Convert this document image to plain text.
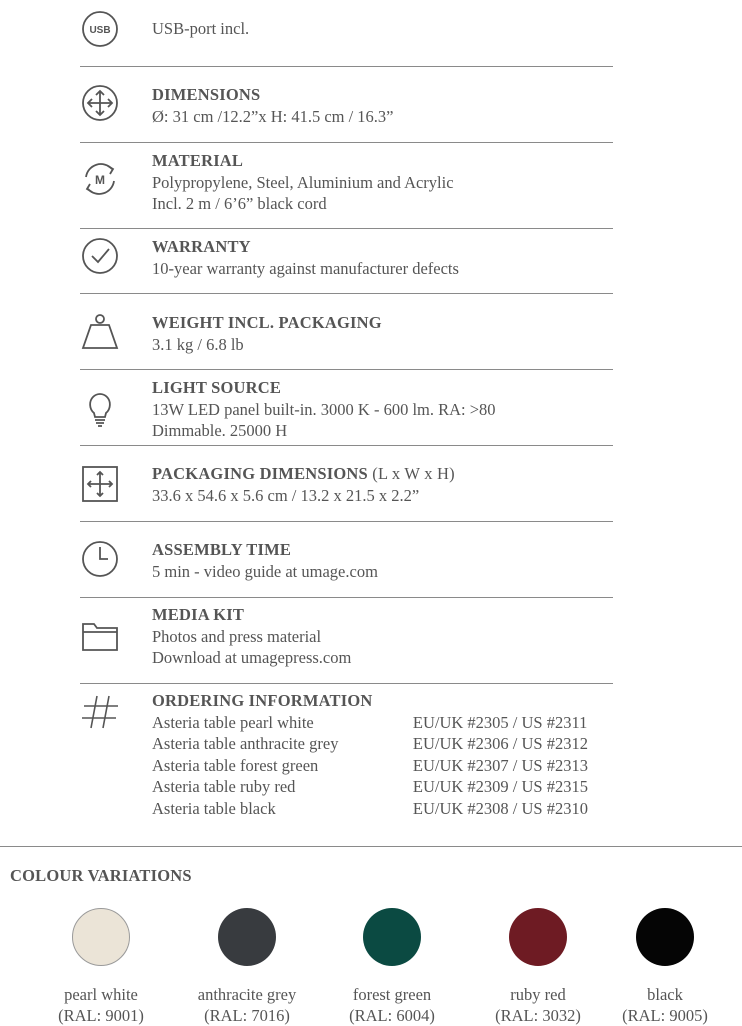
USB	USB-port incl.
DIMENSIONS
Ø: 31 cm /12.2”x H: 41.5 cm / 16.3”
M
MATERIAL
Polypropylene, Steel, Aluminium and Acrylic
Incl. 2 m / 6’6” black cord
WARRANTY
10-year warranty against manufacturer defects
WEIGHT INCL. PACKAGING
3.1 kg / 6.8 lb
LIGHT SOURCE
13W LED panel built-in. 3000 K - 600 lm. RA: >80
Dimmable. 25000 H
PACKAGING DIMENSIONS (L x W x H)
33.6 x 54.6 x 5.6 cm / 13.2 x 21.5 x 2.2”
ASSEMBLY TIME
5 min - video guide at umage.com
MEDIA KIT
Photos and press material
Download at umagepress.com
ORDERING INFORMATION
Asteria table pearl white	EU/UK #2305 / US #2311
Asteria table anthracite grey	EU/UK #2306 / US #2312
Asteria table forest green	EU/UK #2307 / US #2313
Asteria table ruby red	EU/UK #2309 / US #2315
Asteria table black	EU/UK #2308 / US #2310
COLOUR VARIATIONS
pearl white
(RAL: 9001)
anthracite grey
(RAL: 7016)
forest green
(RAL: 6004)
ruby red
(RAL: 3032)
black
(RAL: 9005)
